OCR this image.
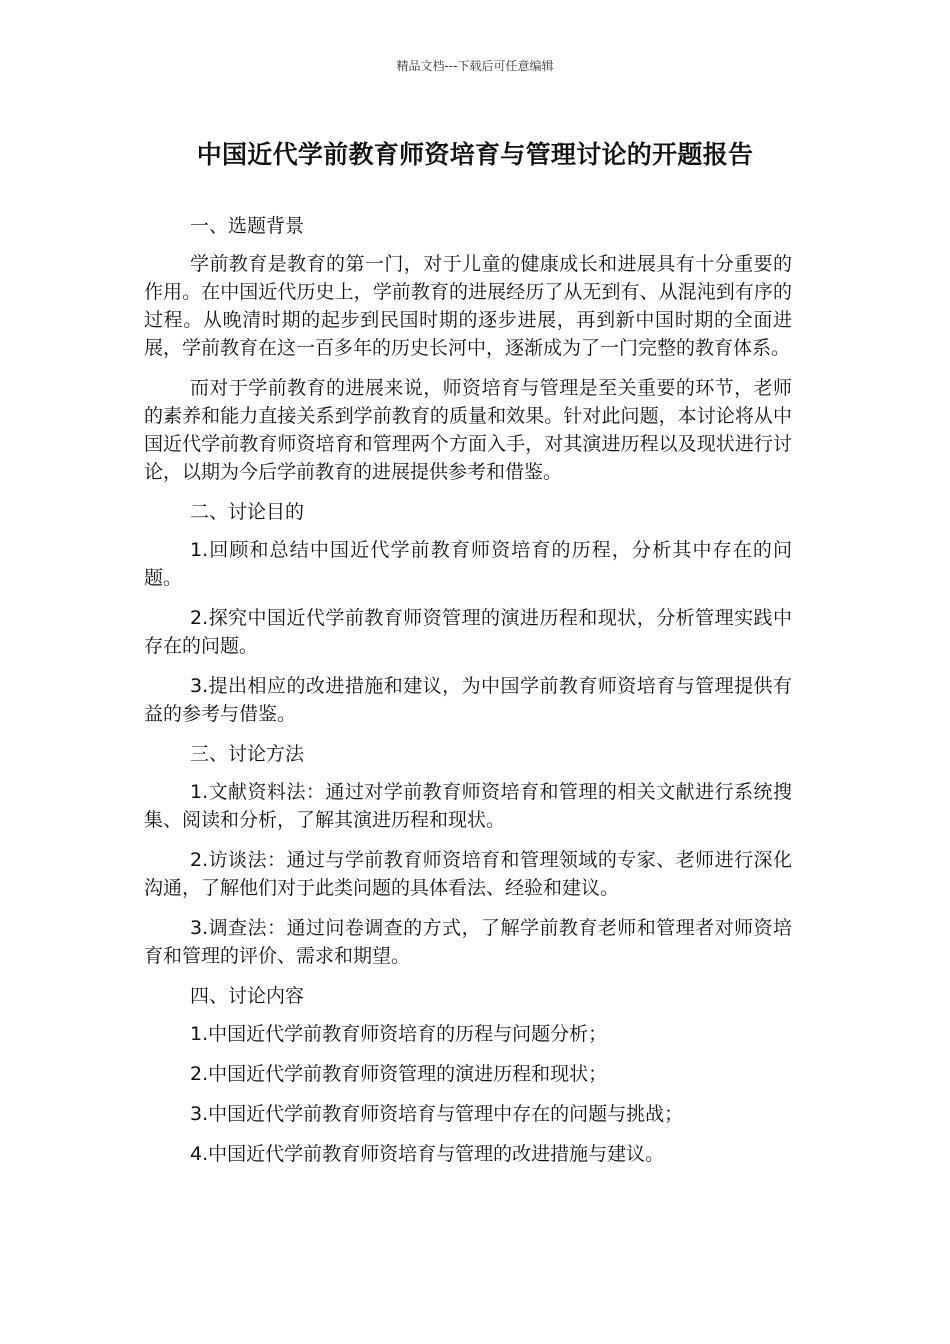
精品文档---下载后可任意编辑
中国近代学前教育师资培育与管理讨论的开题报告
一、选题背景
学前教育是教育的第一门，对于儿童的健康成长和进展具有十分重要的作用。在中国近代历史上，学前教育的进展经历了从无到有、从混沌到有序的过程。从晚清时期的起步到民国时期的逐步进展，再到新中国时期的全面进展，学前教育在这一百多年的历史长河中，逐渐成为了一门完整的教育体系。
而对于学前教育的进展来说，师资培育与管理是至关重要的环节，老师的素养和能力直接关系到学前教育的质量和效果。针对此问题，本讨论将从中国近代学前教育师资培育和管理两个方面入手，对其演进历程以及现状进行讨论，以期为今后学前教育的进展提供参考和借鉴。
二、讨论目的
1.回顾和总结中国近代学前教育师资培育的历程，分析其中存在的问题。
2.探究中国近代学前教育师资管理的演进历程和现状，分析管理实践中存在的问题。
3.提出相应的改进措施和建议，为中国学前教育师资培育与管理提供有益的参考与借鉴。
三、讨论方法
1.文献资料法：通过对学前教育师资培育和管理的相关文献进行系统搜集、阅读和分析，了解其演进历程和现状。
2.访谈法：通过与学前教育师资培育和管理领域的专家、老师进行深化沟通，了解他们对于此类问题的具体看法、经验和建议。
3.调查法：通过问卷调查的方式，了解学前教育老师和管理者对师资培育和管理的评价、需求和期望。
四、讨论内容
1.中国近代学前教育师资培育的历程与问题分析；
2.中国近代学前教育师资管理的演进历程和现状；
3.中国近代学前教育师资培育与管理中存在的问题与挑战；
4.中国近代学前教育师资培育与管理的改进措施与建议。
